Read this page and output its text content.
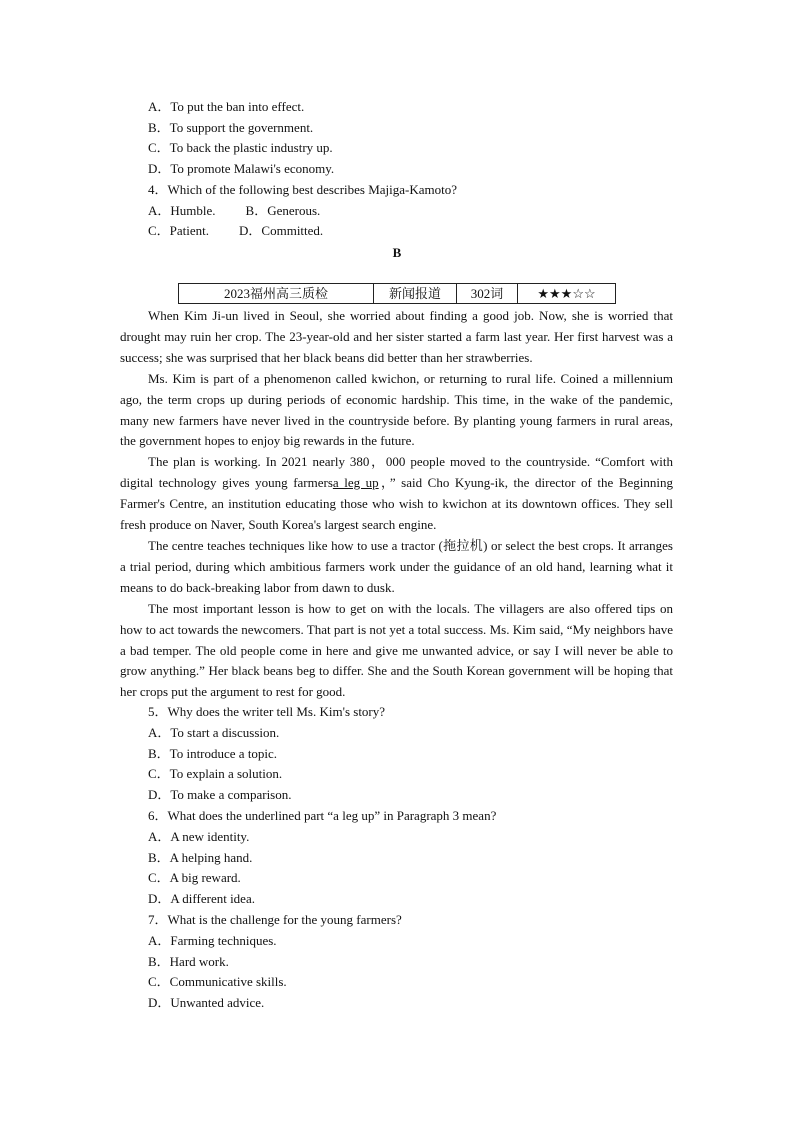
A．To put the ban into effect.
B．To support the government.
C．To back the plastic industry up.
D．To promote Malawi's economy.
4．Which of the following best describes Majiga-Kamoto?
A．Humble. B．Generous.
C．Patient. D．Committed.
B
2023福州高三质检	新闻报道	302词	★★★☆☆

When Kim Ji-un lived in Seoul, she worried about finding a good job. Now, she is worried that drought may ruin her crop. The 23-year-old and her sister started a farm last year. Her first harvest was a success; she was surprised that her black beans did better than her strawberries.

Ms. Kim is part of a phenomenon called kwichon, or returning to rural life. Coined a millennium ago, the term crops up during periods of economic hardship. This time, in the wake of the pandemic, many new farmers have never lived in the countryside before. By planting young farmers in rural areas, the government hopes to enjoy big rewards in the future.

The plan is working. In 2021 nearly 380，000 people moved to the countryside. “Comfort with digital technology gives young farmersa leg up，” said Cho Kyung-ik, the director of the Beginning Farmer's Centre, an institution educating those who wish to kwichon at its downtown offices. They sell fresh produce on Naver, South Korea's largest search engine.

The centre teaches techniques like how to use a tractor (拖拉机) or select the best crops. It arranges a trial period, during which ambitious farmers work under the guidance of an old hand, learning what it means to do back-breaking labor from dawn to dusk.

The most important lesson is how to get on with the locals. The villagers are also offered tips on how to act towards the newcomers. That part is not yet a total success. Ms. Kim said, “My neighbors have a bad temper. The old people come in here and give me unwanted advice, or say I will never be able to grow anything.” Her black beans beg to differ. She and the South Korean government will be hoping that her crops put the argument to rest for good.

5．Why does the writer tell Ms. Kim's story?
A．To start a discussion.
B．To introduce a topic.
C．To explain a solution.
D．To make a comparison.
6．What does the underlined part “a leg up” in Paragraph 3 mean?
A．A new identity.
B．A helping hand.
C．A big reward.
D．A different idea.
7．What is the challenge for the young farmers?
A．Farming techniques.
B．Hard work.
C．Communicative skills.
D．Unwanted advice.
